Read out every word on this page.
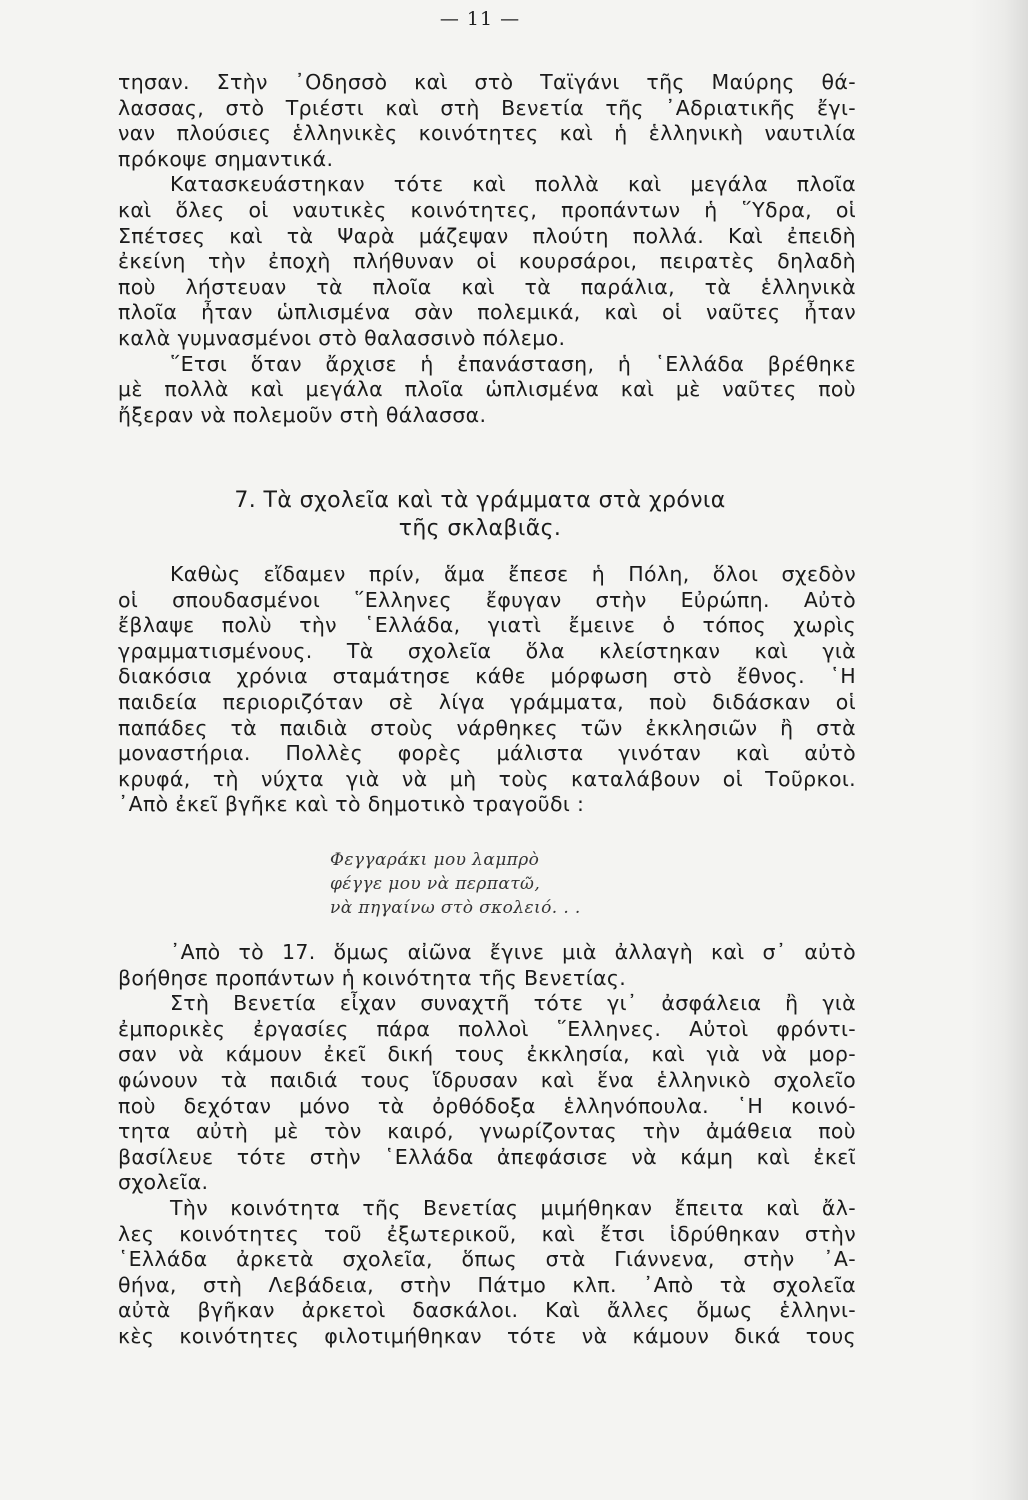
— 11 —
τησαν. Στὴν ᾿Οδησσὸ καὶ στὸ Ταϊγάνι τῆς Μαύρης θά-
λασσας, στὸ Τριέστι καὶ στὴ Βενετία τῆς ᾿Αδριατικῆς ἔγι-
ναν πλούσιες ἑλληνικὲς κοινότητες καὶ ἡ ἑλληνικὴ ναυτιλία
πρόκοψε σημαντικά.
Κατασκευάστηκαν τότε καὶ πολλὰ καὶ μεγάλα πλοῖα
καὶ ὅλες οἱ ναυτικὲς κοινότητες, προπάντων ἡ ῞Υδρα, οἱ
Σπέτσες καὶ τὰ Ψαρὰ μάζεψαν πλούτη πολλά. Καὶ ἐπειδὴ
ἐκείνη τὴν ἐποχὴ πλήθυναν οἱ κουρσάροι, πειρατὲς δηλαδὴ
ποὺ λήστευαν τὰ πλοῖα καὶ τὰ παράλια, τὰ ἑλληνικὰ
πλοῖα ἦταν ὡπλισμένα σὰν πολεμικά, καὶ οἱ ναῦτες ἦταν
καλὰ γυμνασμένοι στὸ θαλασσινὸ πόλεμο.
῞Ετσι ὅταν ἄρχισε ἡ ἐπανάσταση, ἡ ῾Ελλάδα βρέθηκε
μὲ πολλὰ καὶ μεγάλα πλοῖα ὡπλισμένα καὶ μὲ ναῦτες ποὺ
ἤξεραν νὰ πολεμοῦν στὴ θάλασσα.
7. Τὰ σχολεῖα καὶ τὰ γράμματα στὰ χρόνια
τῆς σκλαβιᾶς.
Καθὼς εἴδαμεν πρίν, ἅμα ἔπεσε ἡ Πόλη, ὅλοι σχεδὸν
οἱ σπουδασμένοι ῞Ελληνες ἔφυγαν στὴν Εὐρώπη. Αὐτὸ
ἔβλαψε πολὺ τὴν ῾Ελλάδα, γιατὶ ἔμεινε ὁ τόπος χωρὶς
γραμματισμένους. Τὰ σχολεῖα ὅλα κλείστηκαν καὶ γιὰ
διακόσια χρόνια σταμάτησε κάθε μόρφωση στὸ ἔθνος. ῾Η
παιδεία περιοριζόταν σὲ λίγα γράμματα, ποὺ διδάσκαν οἱ
παπάδες τὰ παιδιὰ στοὺς νάρθηκες τῶν ἐκκλησιῶν ἢ στὰ
μοναστήρια. Πολλὲς φορὲς μάλιστα γινόταν καὶ αὐτὸ
κρυφά, τὴ νύχτα γιὰ νὰ μὴ τοὺς καταλάβουν οἱ Τοῦρκοι.
᾿Απὸ ἐκεῖ βγῆκε καὶ τὸ δημοτικὸ τραγοῦδι :
Φεγγαράκι μου λαμπρὸ
φέγγε μου νὰ περπατῶ,
νὰ πηγαίνω στὸ σκολειό. . .
᾿Απὸ τὸ 17. ὅμως αἰῶνα ἔγινε μιὰ ἀλλαγὴ καὶ σ᾿ αὐτὸ
βοήθησε προπάντων ἡ κοινότητα τῆς Βενετίας.
Στὴ Βενετία εἶχαν συναχτῆ τότε γι᾿ ἀσφάλεια ἢ γιὰ
ἐμπορικὲς ἐργασίες πάρα πολλοὶ ῞Ελληνες. Αὐτοὶ φρόντι-
σαν νὰ κάμουν ἐκεῖ δική τους ἐκκλησία, καὶ γιὰ νὰ μορ-
φώνουν τὰ παιδιά τους ἵδρυσαν καὶ ἕνα ἑλληνικὸ σχολεῖο
ποὺ δεχόταν μόνο τὰ ὀρθόδοξα ἑλληνόπουλα. ῾Η κοινό-
τητα αὐτὴ μὲ τὸν καιρό, γνωρίζοντας τὴν ἀμάθεια ποὺ
βασίλευε τότε στὴν ῾Ελλάδα ἀπεφάσισε νὰ κάμη καὶ ἐκεῖ
σχολεῖα.
Τὴν κοινότητα τῆς Βενετίας μιμήθηκαν ἔπειτα καὶ ἄλ-
λες κοινότητες τοῦ ἐξωτερικοῦ, καὶ ἔτσι ἱδρύθηκαν στὴν
῾Ελλάδα ἀρκετὰ σχολεῖα, ὅπως στὰ Γιάννενα, στὴν ᾿Α-
θήνα, στὴ Λεβάδεια, στὴν Πάτμο κλπ. ᾿Απὸ τὰ σχολεῖα
αὐτὰ βγῆκαν ἀρκετοὶ δασκάλοι. Καὶ ἄλλες ὅμως ἑλληνι-
κὲς κοινότητες φιλοτιμήθηκαν τότε νὰ κάμουν δικά τους
